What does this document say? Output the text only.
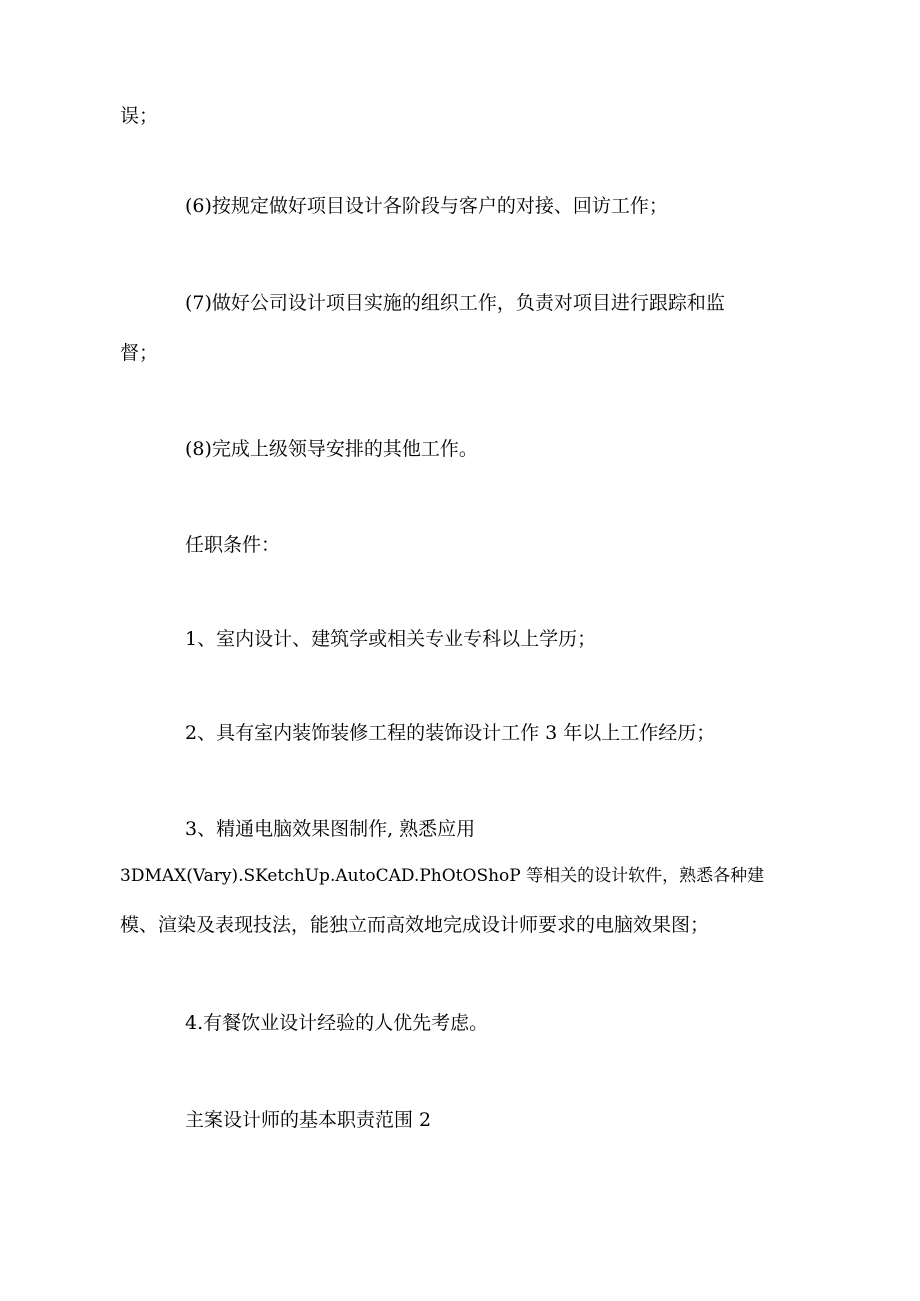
误；
(6)按规定做好项目设计各阶段与客户的对接、回访工作；
(7)做好公司设计项目实施的组织工作，负责对项目进行跟踪和监
督；
(8)完成上级领导安排的其他工作。
任职条件：
1、室内设计、建筑学或相关专业专科以上学历；
2、具有室内装饰装修工程的装饰设计工作 3 年以上工作经历；
3、精通电脑效果图制作, 熟悉应用
3DMAX(Vary).SKetchUp.AutoCAD.PhOtOShoP 等相关的设计软件，熟悉各种建
模、渲染及表现技法，能独立而高效地完成设计师要求的电脑效果图；
4.有餐饮业设计经验的人优先考虑。
主案设计师的基本职责范围 2
